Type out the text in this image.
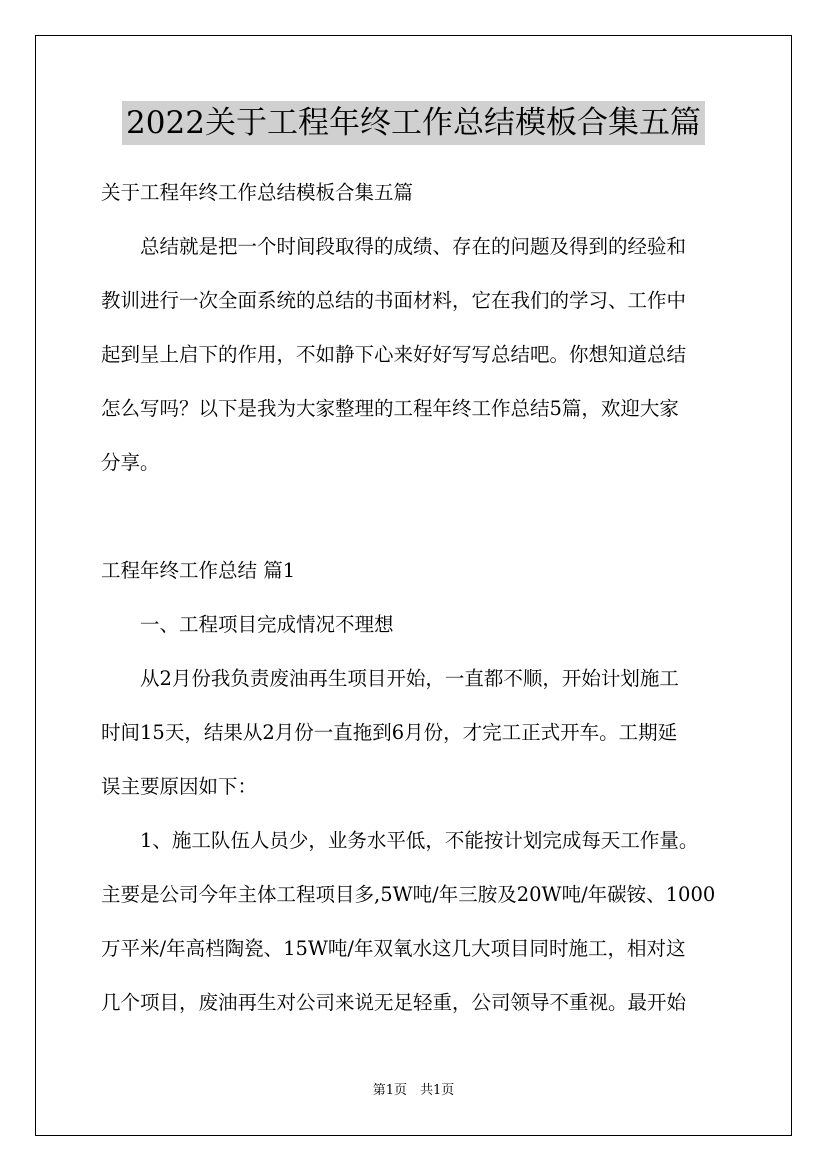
2022关于工程年终工作总结模板合集五篇
关于工程年终工作总结模板合集五篇
　　总结就是把一个时间段取得的成绩、存在的问题及得到的经验和
教训进行一次全面系统的总结的书面材料，它在我们的学习、工作中
起到呈上启下的作用，不如静下心来好好写写总结吧。你想知道总结
怎么写吗？以下是我为大家整理的工程年终工作总结5篇，欢迎大家
分享。
工程年终工作总结 篇1
　　一、工程项目完成情况不理想
　　从2月份我负责废油再生项目开始，一直都不顺，开始计划施工
时间15天，结果从2月份一直拖到6月份，才完工正式开车。工期延
误主要原因如下：
　　1、施工队伍人员少，业务水平低，不能按计划完成每天工作量。
主要是公司今年主体工程项目多,5W吨/年三胺及20W吨/年碳铵、1000
万平米/年高档陶瓷、15W吨/年双氧水这几大项目同时施工，相对这
几个项目，废油再生对公司来说无足轻重，公司领导不重视。最开始
第1页　共1页
